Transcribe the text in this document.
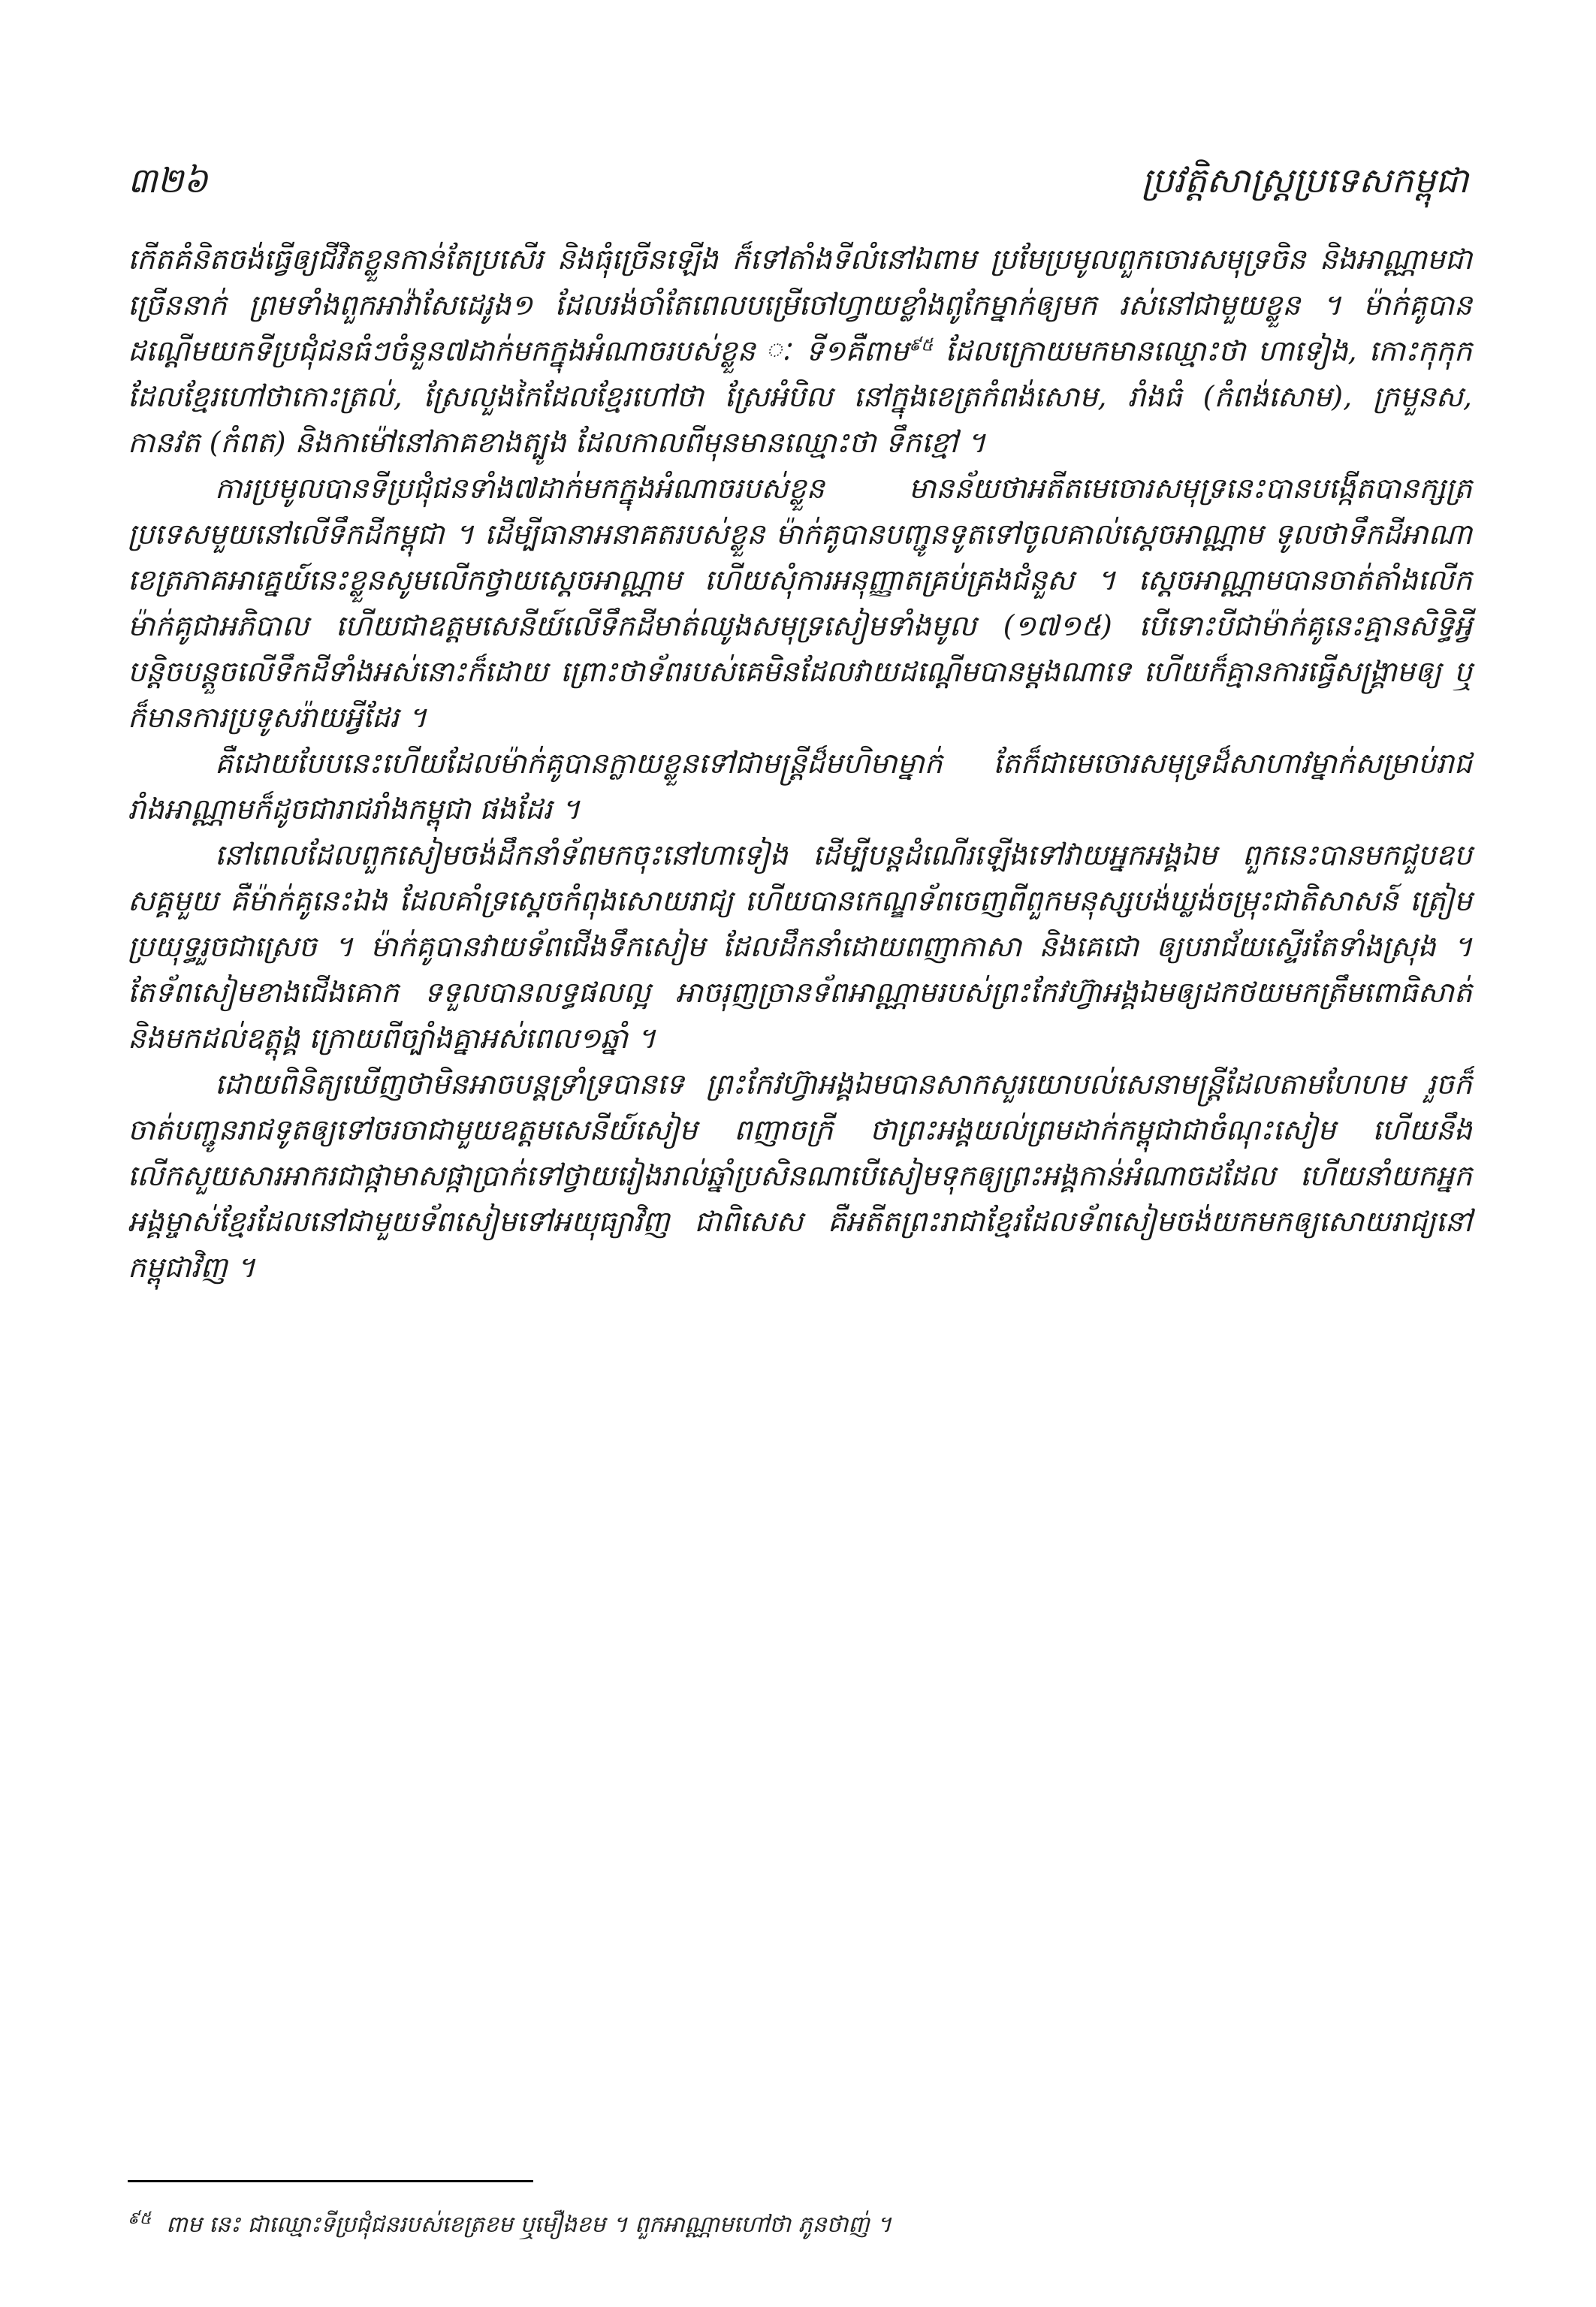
៣២៦	ប្រវត្តិសាស្ត្រប្រទេសកម្ពុជា

កើតគំនិតចង់ធ្វើឲ្យជីវិតខ្លួនកាន់តែប្រសើរ និងធុំច្រើនឡើង ក៏ទៅតាំងទីលំនៅឯពាម ប្រមែប្រមូលពួកចោរសមុទ្រចិន និងអាណ្ណាមជាច្រើននាក់ ព្រមទាំងពួកអាវ៉ាសែដេរូង១ ដែលរង់ចាំតែពេលបម្រើចៅហ្វាយខ្លាំងពូកែម្នាក់ឲ្យមក រស់នៅជាមួយខ្លួន ។ ម៉ាក់គូបានដណ្ដើមយកទីប្រជុំជនធំៗចំនួន៧ដាក់មកក្នុងអំណាចរបស់ខ្លួន ៈ ទី១គឺពាម$^{៩៥}$ ដែលក្រោយមកមានឈ្មោះថា ហាទៀង, កោះកុកុកដែលខ្មែរហៅថាកោះត្រល់, ស្រែលួងកៃដែលខ្មែរហៅថា ស្រែអំបិល នៅក្នុងខេត្រកំពង់សោម, រាំងធំ (កំពង់សោម), ក្រមួនស, កានវត (កំពត) និងកាម៉ៅនៅភាគខាងត្បូង ដែលកាលពីមុនមានឈ្មោះថា ទឹកខ្មៅ ។

ការប្រមូលបានទីប្រជុំជនទាំង៧ដាក់មកក្នុងអំណាចរបស់ខ្លួន មានន័យថាអតីតមេចោរសមុទ្រនេះបានបង្កើតបានក្សត្រប្រទេសមួយនៅលើទឹកដីកម្ពុជា ។ ដើម្បីធានាអនាគតរបស់ខ្លួន ម៉ាក់គូបានបញ្ជូនទូតទៅចូលគាល់ស្ដេចអាណ្ណាម ទូលថាទឹកដីអាណាខេត្រភាគអាគ្នេយ៍នេះខ្លួនសូមលើកថ្វាយស្ដេចអាណ្ណាម ហើយសុំការអនុញ្ញាតគ្រប់គ្រងជំនួស ។ ស្ដេចអាណ្ណាមបានចាត់តាំងលើកម៉ាក់គូជាអភិបាល ហើយជាឧត្តមសេនីយ៍លើទឹកដីមាត់ឈូងសមុទ្រសៀមទាំងមូល (១៧១៥) បើទោះបីជាម៉ាក់គូនេះគ្មានសិទ្ធិអ្វីបន្តិចបន្តួចលើទឹកដីទាំងអស់នោះក៏ដោយ ព្រោះថាទ័ពរបស់គេមិនដែលវាយដណ្ដើមបានម្ដងណាទេ ហើយក៏គ្មានការធ្វើសង្គ្រាមឲ្យ ឬក៏មានការប្រទូសរ៉ាយអ្វីដែរ ។

គឺដោយបែបនេះហើយដែលម៉ាក់គូបានក្លាយខ្លួនទៅជាមន្ត្រីដ៏មហិមាម្នាក់ តែក៏ជាមេចោរសមុទ្រដ៏សាហាវម្នាក់សម្រាប់រាជរាំងអាណ្ណាមក៏ដូចជារាជរាំងកម្ពុជា ផងដែរ ។

នៅពេលដែលពួកសៀមចង់ដឹកនាំទ័ពមកចុះនៅហាទៀង ដើម្បីបន្តដំណើរឡើងទៅវាយអ្នកអង្គឯម ពួកនេះបានមកជួបឧបសគ្គមួយ គឺម៉ាក់គូនេះឯង ដែលគាំទ្រស្ដេចកំពុងសោយរាជ្យ ហើយបានកេណ្ឌទ័ពចេញពីពួកមនុស្សបង់ឃ្លង់ចម្រុះជាតិសាសន៍ ត្រៀមប្រយុទ្ធរួចជាស្រេច ។ ម៉ាក់គូបានវាយទ័ពជើងទឹកសៀម ដែលដឹកនាំដោយពញាកាសា និងគេជោ ឲ្យបរាជ័យស្ទើរតែទាំងស្រុង ។ តែទ័ពសៀមខាងជើងគោក ទទួលបានលទ្ធផលល្អ អាចរុញច្រានទ័ពអាណ្ណាមរបស់ព្រះកែវហ្វ៊ាអង្គឯមឲ្យដកថយមកត្រឹមពោធិសាត់ និងមកដល់ឧត្តុង្គ ក្រោយពីច្បាំងគ្នាអស់ពេល១ឆ្នាំ ។

ដោយពិនិត្យឃើញថាមិនអាចបន្តទ្រាំទ្របានទេ ព្រះកែវហ្វ៊ាអង្គឯមបានសាកសួរយោបល់សេនាមន្ត្រីដែលតាមហែហម រួចក៏ចាត់បញ្ជូនរាជទូតឲ្យទៅចរចាជាមួយឧត្តមសេនីយ៍សៀម ពញាចក្រី ថាព្រះអង្គយល់ព្រមដាក់កម្ពុជាជាចំណុះសៀម ហើយនឹងលើកសួយសារអាករជាផ្កាមាសផ្កាប្រាក់ទៅថ្វាយរៀងរាល់ឆ្នាំប្រសិនណាបើសៀមទុកឲ្យព្រះអង្គកាន់អំណាចដដែល ហើយនាំយកអ្នកអង្គម្ចាស់ខ្មែរដែលនៅជាមួយទ័ពសៀមទៅអយុធ្យាវិញ ជាពិសេស គឺអតីតព្រះរាជាខ្មែរដែលទ័ពសៀមចង់យកមកឲ្យសោយរាជ្យនៅកម្ពុជាវិញ ។

$^{៩៥}$ ពាម នេះ ជាឈ្មោះទីប្រជុំជនរបស់ខេត្រខម ឬមឿងខម ។ ពួកអាណ្ណាមហៅថា ភូនថាញ់ ។
